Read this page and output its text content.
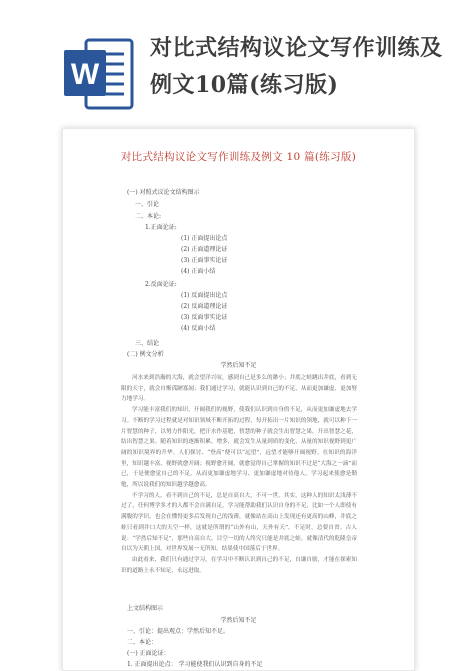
W
对比式结构议论文写作训练及
例文10篇(练习版)
对比式结构议论文写作训练及例文 10 篇(练习版)
(一) 对照式议论文结构图示
一、引论
二、本论:
1.正面论证:
(1) 正面提出论点
(2) 正面道理论证
(3) 正面事实论证
(4) 正面小结
2.反面论证:
(1) 反面提出论点
(2) 反面道理论证
(3) 反面事实论证
(4) 反面小结
三、结论
(二) 例文分析
学然后知不足

河水来到浩瀚的大海，就会望洋兴叹，感到自己是多么的渺小；井底之蛙跳出井底，看到无限的天宇，就会自惭孤陋寡闻；我们通过学习，就能认识到自己的不足，从而更加谦虚、更加努力地学习。

学习能丰富我们的知识，开阔我们的视野，使我们认识到自身的不足，从而更加谦虚地去学习。不断的学习过程就是对知识领域不断开拓的过程，每开拓出一片知识的领地，就可以种下一片智慧的种子，以努力作阳光，把汗水作基肥，智慧的种子就会生出智慧之果，开出智慧之花，结出智慧之果。随着知识的逐渐积累、增多，就会发生从量到质的变化，从量的知识视野到更广阔的知识境界的升华。人们探讨、“登高”便可以“远望”，远望才能够开阔视野。在知识的海洋里，知识越丰富，视野就愈开阔；视野愈开阔，就愈觉得自己掌握的知识不过是“大海之一滴”而已，于是便愈觉自己的不足，从而更加谦虚地学习、更加谦虚地对待他人。学习起来使愈是勤勉，所以说我们的知识越学越愈高。

不学习的人，看不到自己的不足，总是自高自大，不可一世。其实，这种人的知识太浅薄不过了，任何博学多才的人都不会自满自足。学习能帮助我们认识自身的不足，比如一个人即使有满腹的学识，也会在懂得更多后发现自己的浅薄，就像站在高山上发现还有更高的山峰，井底之蛙只看到井口大的天空一样，这就是所谓的“山外有山，天外有天”。不足时，总要自省。古人说：“学然后知不足”，那些自高自大、目空一切的人终究只能是井底之蛙。就像清代的乾隆皇帝自以为天朝上国，对世界发展一无所知，结果使中国落后于世界。

由此看来，我们只有通过学习，在学习中不断认识到自己的不足，自谦自励，才能在探索知识的道路上永不知足，永远进取。

上文结构图示
学然后知不足
一、引论：提出观点：学然后知不足。
二、本论：
(一) 正面论证：
1. 正面提出论点： 学习能使我们认识到自身的不足
